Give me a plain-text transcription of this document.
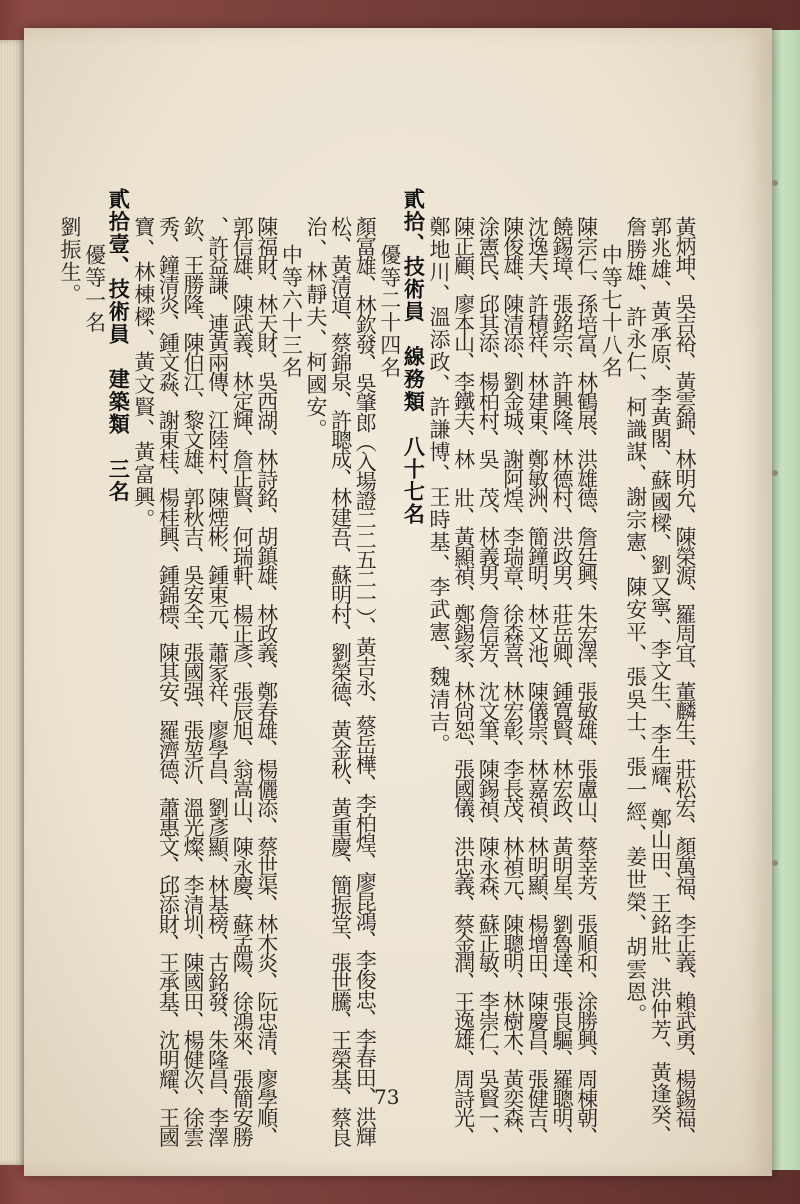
黃炳坤、吳吉裕、黃雲錦、林明允、陳榮源、羅周宜、董麟生、莊松宏、顏萬福、李正義、賴武勇、楊錫福、
郭兆雄、黃承原、李黃閣、蘇國樑、劉又寧、李文生、李生耀、鄭山田、王銘壯、洪仲芳、黃逢癸、
詹勝雄、許永仁、柯識謀、謝宗憲、陳安平、張吳士、張一經、姜世榮、胡雲恩。
中等七十八名
陳宗仁、孫培富、林鶴展、洪雄德、詹廷興、朱宏澤、張敏雄、張盧山、蔡幸芳、張順和、涂勝興、周棟朝、
饒錫璋、張銘宗、許興隆、林德村、洪政男、莊岳卿、鍾寬賢、林宏政、黃明星、劉魯達、張良驅、羅聰明、
沈逸夫、許積祥、林建東、鄭敏洲、簡鐘明、林文池、陳儀崇、林嘉禎、林明顯、楊增田、陳慶昌、張健吉、
陳俊雄、陳清添、劉金城、謝阿煌、李瑞章、徐森喜、林宏彰、李長茂、林禎元、陳聰明、林樹木、黃奕森、
涂憲民、邱其添、楊柏村、吳　茂、林義男、詹信芳、沈文筆、陳錫禎、陳永森、蘇正敏、李崇仁、吳賢一、
陳正顧、廖本山、李鐵夫、林　壯、黃顯禎、鄭錫家、林尙恕、張國儀、洪忠義、蔡金潤、王逸雄、周詩光、
鄭地川、溫添政、許謙博、王時基、李武憲、魏清吉。
貳拾、技術員　線務類　八十七名
優等二十四名
顏富雄、林欽發、吳肇郎（入場證二二五二一）、黃吉永、蔡岳樺、李柏煌、廖昆鴻、李俊忠、李春田、洪輝
松、黃清道、蔡錦泉、許聰成、林建吾、蘇明村、劉榮德、黃金秋、黃重慶、簡振堂、張世騰、王榮基、蔡良
治、林靜夫、柯國安。
中等六十三名
陳福財、林天財、吳西湖、林詩銘、胡鎮雄、林政義、鄭春雄、楊儷添、蔡世渠、林木炎、阮忠清、廖學順、
郭信雄、陳武義、林定輝、詹正賢、何瑞軒、楊正彥、張辰旭、翁嵩山、陳永慶、蘇孟陽、徐鴻來、張簡安勝
、許益謙、連黃兩傳、江陸村、陳煙彬、鍾東元、蕭家祥、廖學昌、劉彥顯、林基榜、古銘發、朱隆昌、李澤
欽、王勝隆、陳伯江、黎文雄、郭秋吉、吳安全、張國强、張堃沂、溫光燦、李清圳、陳國田、楊健次、徐雲
秀、鐘清炎、鍾文淼、謝東桂、楊桂興、鍾錦標、陳其安、羅濟德、蕭惠文、邱添財、王承基、沈明耀、王國
寶、林棟樑、黃文賢、黃富興。
貳拾壹、技術員　建築類　三名
優等一名
劉振生。
73
